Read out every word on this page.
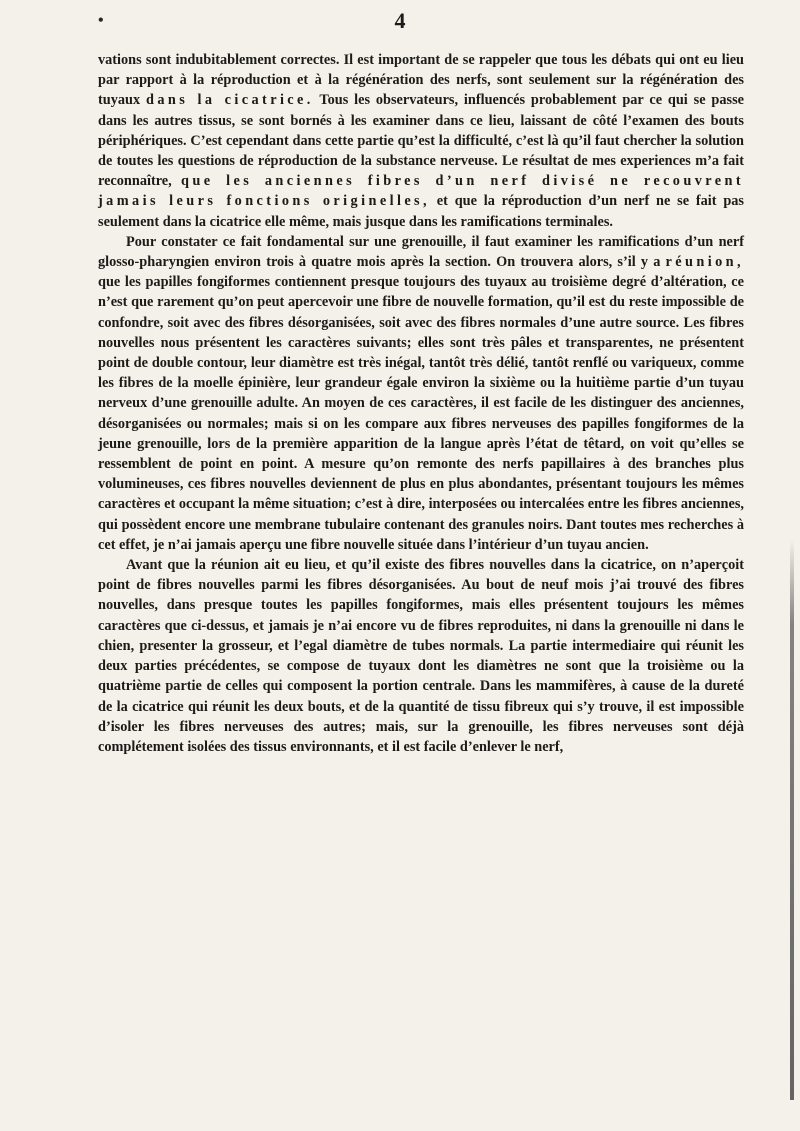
•	4

vations sont indubitablement correctes. Il est important de se rappeler que tous les débats qui ont eu lieu par rapport à la réproduction et à la régénération des nerfs, sont seulement sur la régénération des tuyaux dans la cicatrice. Tous les observateurs, influencés probablement par ce qui se passe dans les autres tissus, se sont bornés à les examiner dans ce lieu, laissant de côté l’examen des bouts périphériques. C’est cependant dans cette partie qu’est la difficulté, c’est là qu’il faut chercher la solution de toutes les questions de réproduction de la substance nerveuse. Le résultat de mes experiences m’a fait reconnaître, que les anciennes fibres d’un nerf divisé ne recouvrent jamais leurs fonctions originelles, et que la réproduction d’un nerf ne se fait pas seulement dans la cicatrice elle même, mais jusque dans les ramifications terminales.

Pour constater ce fait fondamental sur une grenouille, il faut examiner les ramifications d’un nerf glosso-pharyngien environ trois à quatre mois après la section. On trouvera alors, s’il y a réunion, que les papilles fongiformes contiennent presque toujours des tuyaux au troisième degré d’altération, ce n’est que rarement qu’on peut apercevoir une fibre de nouvelle formation, qu’il est du reste impossible de confondre, soit avec des fibres désorganisées, soit avec des fibres normales d’une autre source. Les fibres nouvelles nous présentent les caractères suivants; elles sont très pâles et transparentes, ne présentent point de double contour, leur diamètre est très inégal, tantôt très délié, tantôt renflé ou variqueux, comme les fibres de la moelle épinière, leur grandeur égale environ la sixième ou la huitième partie d’un tuyau nerveux d’une grenouille adulte. An moyen de ces caractères, il est facile de les distinguer des anciennes, désorganisées ou normales; mais si on les compare aux fibres nerveuses des papilles fongiformes de la jeune grenouille, lors de la première apparition de la langue après l’état de têtard, on voit qu’elles se ressemblent de point en point. A mesure qu’on remonte des nerfs papillaires à des branches plus volumineuses, ces fibres nouvelles deviennent de plus en plus abondantes, présentant toujours les mêmes caractères et occupant la même situation; c’est à dire, interposées ou intercalées entre les fibres anciennes, qui possèdent encore une membrane tubulaire contenant des granules noirs. Dant toutes mes recherches à cet effet, je n’ai jamais aperçu une fibre nouvelle située dans l’intérieur d’un tuyau ancien.

Avant que la réunion ait eu lieu, et qu’il existe des fibres nouvelles dans la cicatrice, on n’aperçoit point de fibres nouvelles parmi les fibres désorganisées. Au bout de neuf mois j’ai trouvé des fibres nouvelles, dans presque toutes les papilles fongiformes, mais elles présentent toujours les mêmes caractères que ci-dessus, et jamais je n’ai encore vu de fibres reproduites, ni dans la grenouille ni dans le chien, presenter la grosseur, et l’egal diamètre de tubes normals. La partie intermediaire qui réunit les deux parties précédentes, se compose de tuyaux dont les diamètres ne sont que la troisième ou la quatrième partie de celles qui composent la portion centrale. Dans les mammifères, à cause de la dureté de la cicatrice qui réunit les deux bouts, et de la quantité de tissu fibreux qui s’y trouve, il est impossible d’isoler les fibres nerveuses des autres; mais, sur la grenouille, les fibres nerveuses sont déjà complétement isolées des tissus environnants, et il est facile d’enlever le nerf,
